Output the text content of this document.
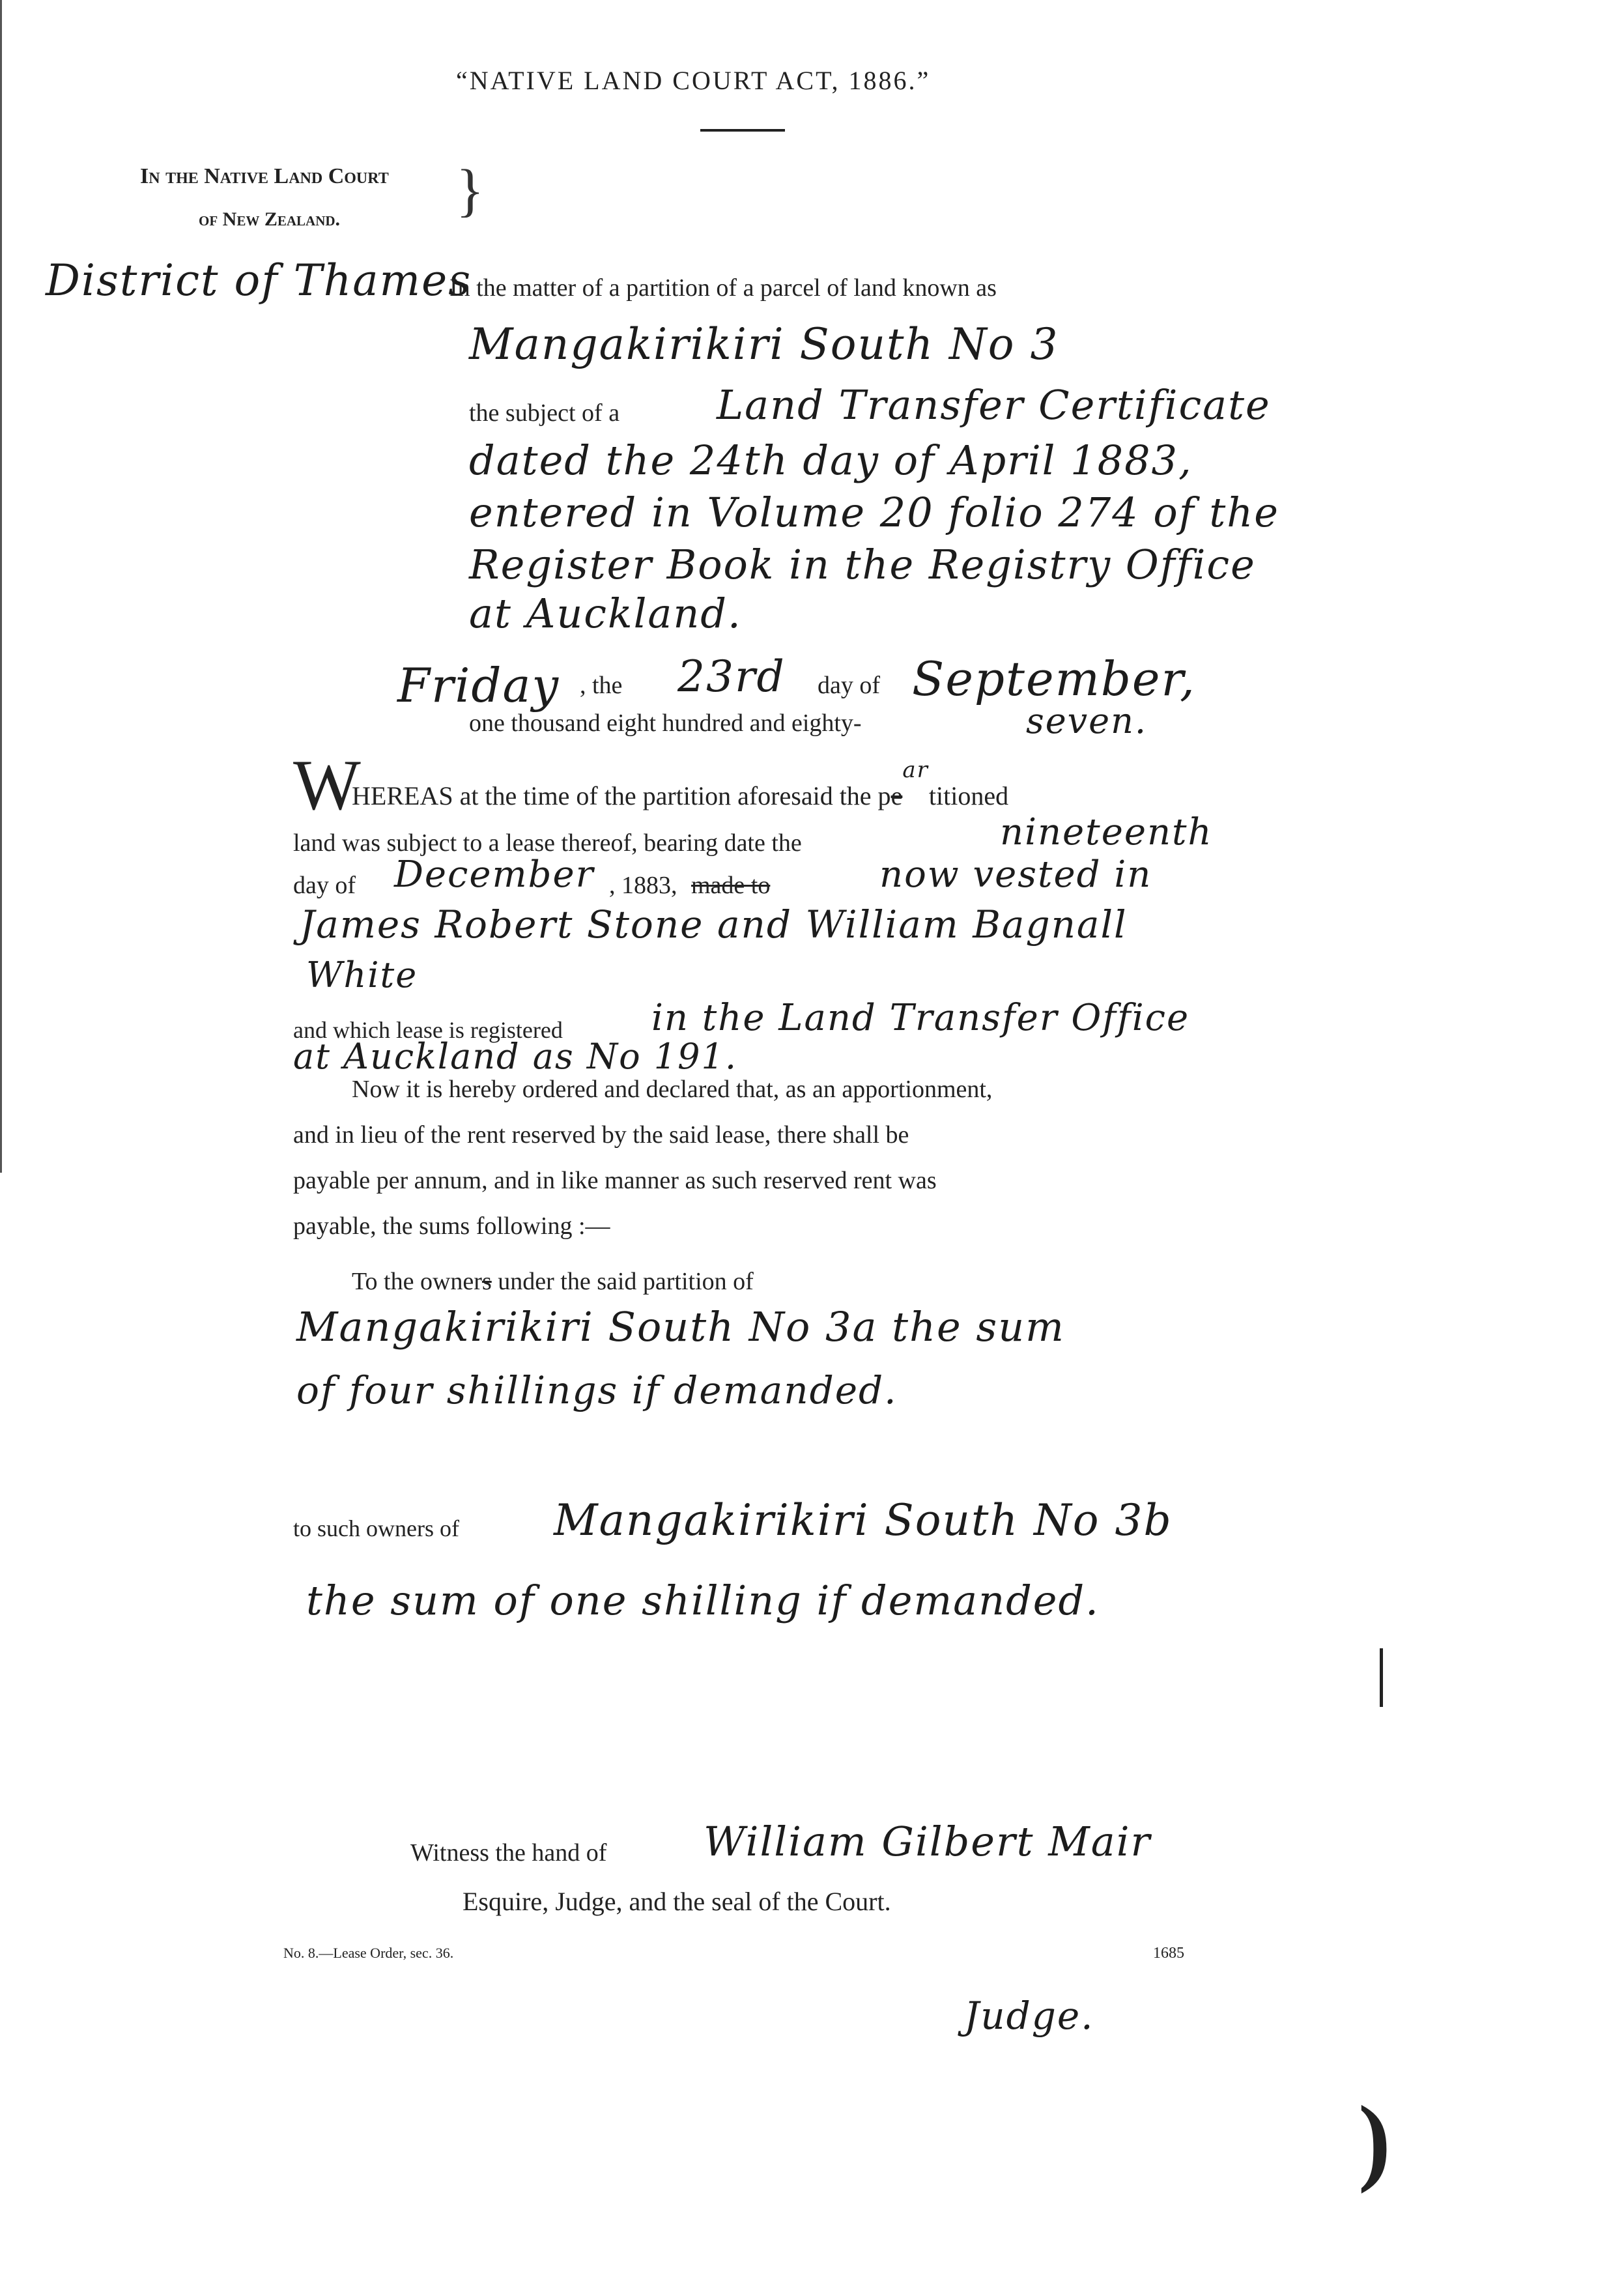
“NATIVE LAND COURT ACT, 1886.”
In the Native Land Court
of New Zealand. }
District of Thames
In the matter of a partition of a parcel of land known as
Mangakirikiri South No 3
the subject of a Land Transfer Certificate
dated the 24th day of April 1883,
entered in Volume 20 folio 274 of the
Register Book in the Registry Office
at Auckland.
Friday , the 23rd day of September,
one thousand eight hundred and eighty-	seven.
W
HEREAS at the time of the partition aforesaid the $pe^{ar}titioned$
land was subject to a lease thereof, bearing date the	nineteenth
day of December , 1883, made to	now vested in
James Robert Stone and William Bagnall
White
and which lease is registered in the Land Transfer Office
at Auckland as No 191.
Now it is hereby ordered and declared that, as an apportionment,
and in lieu of the rent reserved by the said lease, there shall be
payable per annum, and in like manner as such reserved rent was
payable, the sums following :—
To the owners under the said partition of
Mangakirikiri South No 3a the sum
of four shillings if demanded.
to such owners of Mangakirikiri South No 3b
the sum of one shilling if demanded.
Witness the hand of William Gilbert Mair
Esquire, Judge, and the seal of the Court.
No. 8.—Lease Order, sec. 36.	1685
Judge.
)
